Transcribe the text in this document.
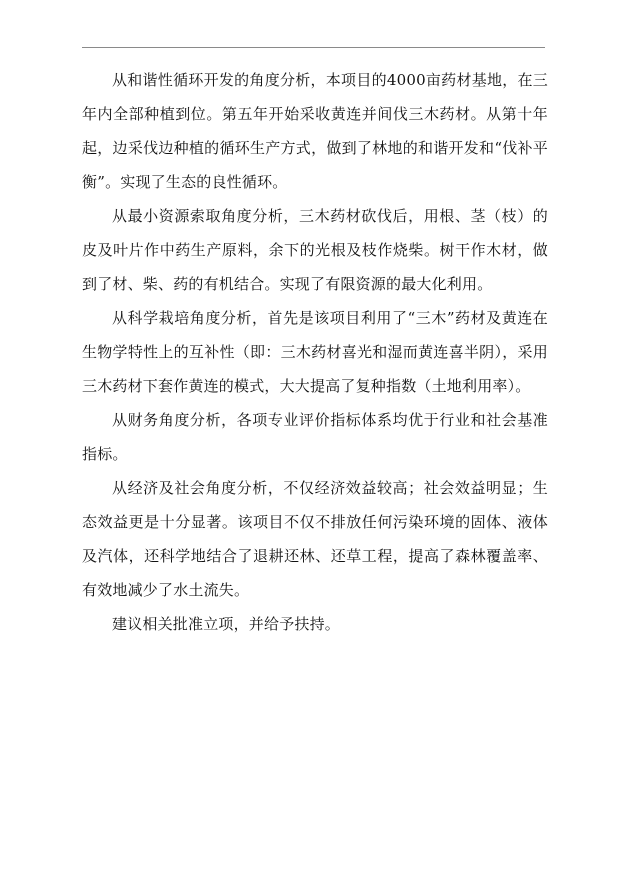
从和谐性循环开发的角度分析，本项目的4000亩药材基地，在三年内全部种植到位。第五年开始采收黄连并间伐三木药材。从第十年起，边采伐边种植的循环生产方式，做到了林地的和谐开发和“伐补平衡”。实现了生态的良性循环。

从最小资源索取角度分析，三木药材砍伐后，用根、茎（枝）的皮及叶片作中药生产原料，余下的光根及枝作烧柴。树干作木材，做到了材、柴、药的有机结合。实现了有限资源的最大化利用。

从科学栽培角度分析，首先是该项目利用了“三木”药材及黄连在生物学特性上的互补性（即：三木药材喜光和湿而黄连喜半阴），采用三木药材下套作黄连的模式，大大提高了复种指数（土地利用率）。

从财务角度分析，各项专业评价指标体系均优于行业和社会基准指标。

从经济及社会角度分析，不仅经济效益较高；社会效益明显；生态效益更是十分显著。该项目不仅不排放任何污染环境的固体、液体及汽体，还科学地结合了退耕还林、还草工程，提高了森林覆盖率、有效地减少了水土流失。

建议相关批准立项，并给予扶持。
